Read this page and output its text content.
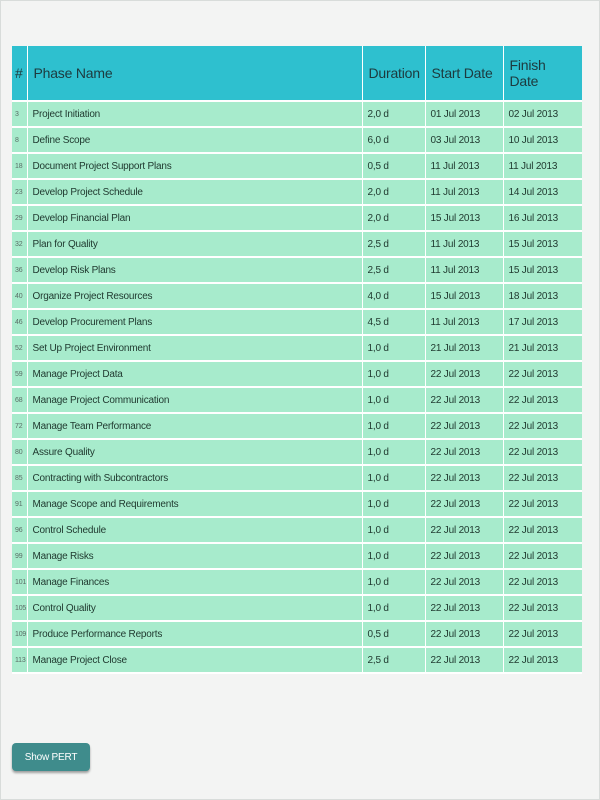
#	Phase Name	Duration	Start Date	Finish Date
3	Project Initiation	2,0 d	01 Jul 2013	02 Jul 2013
8	Define Scope	6,0 d	03 Jul 2013	10 Jul 2013
18	Document Project Support Plans	0,5 d	11 Jul 2013	11 Jul 2013
23	Develop Project Schedule	2,0 d	11 Jul 2013	14 Jul 2013
29	Develop Financial Plan	2,0 d	15 Jul 2013	16 Jul 2013
32	Plan for Quality	2,5 d	11 Jul 2013	15 Jul 2013
36	Develop Risk Plans	2,5 d	11 Jul 2013	15 Jul 2013
40	Organize Project Resources	4,0 d	15 Jul 2013	18 Jul 2013
46	Develop Procurement Plans	4,5 d	11 Jul 2013	17 Jul 2013
52	Set Up Project Environment	1,0 d	21 Jul 2013	21 Jul 2013
59	Manage Project Data	1,0 d	22 Jul 2013	22 Jul 2013
68	Manage Project Communication	1,0 d	22 Jul 2013	22 Jul 2013
72	Manage Team Performance	1,0 d	22 Jul 2013	22 Jul 2013
80	Assure Quality	1,0 d	22 Jul 2013	22 Jul 2013
85	Contracting with Subcontractors	1,0 d	22 Jul 2013	22 Jul 2013
91	Manage Scope and Requirements	1,0 d	22 Jul 2013	22 Jul 2013
96	Control Schedule	1,0 d	22 Jul 2013	22 Jul 2013
99	Manage Risks	1,0 d	22 Jul 2013	22 Jul 2013
101	Manage Finances	1,0 d	22 Jul 2013	22 Jul 2013
105	Control Quality	1,0 d	22 Jul 2013	22 Jul 2013
109	Produce Performance Reports	0,5 d	22 Jul 2013	22 Jul 2013
113	Manage Project Close	2,5 d	22 Jul 2013	22 Jul 2013
Show PERT
